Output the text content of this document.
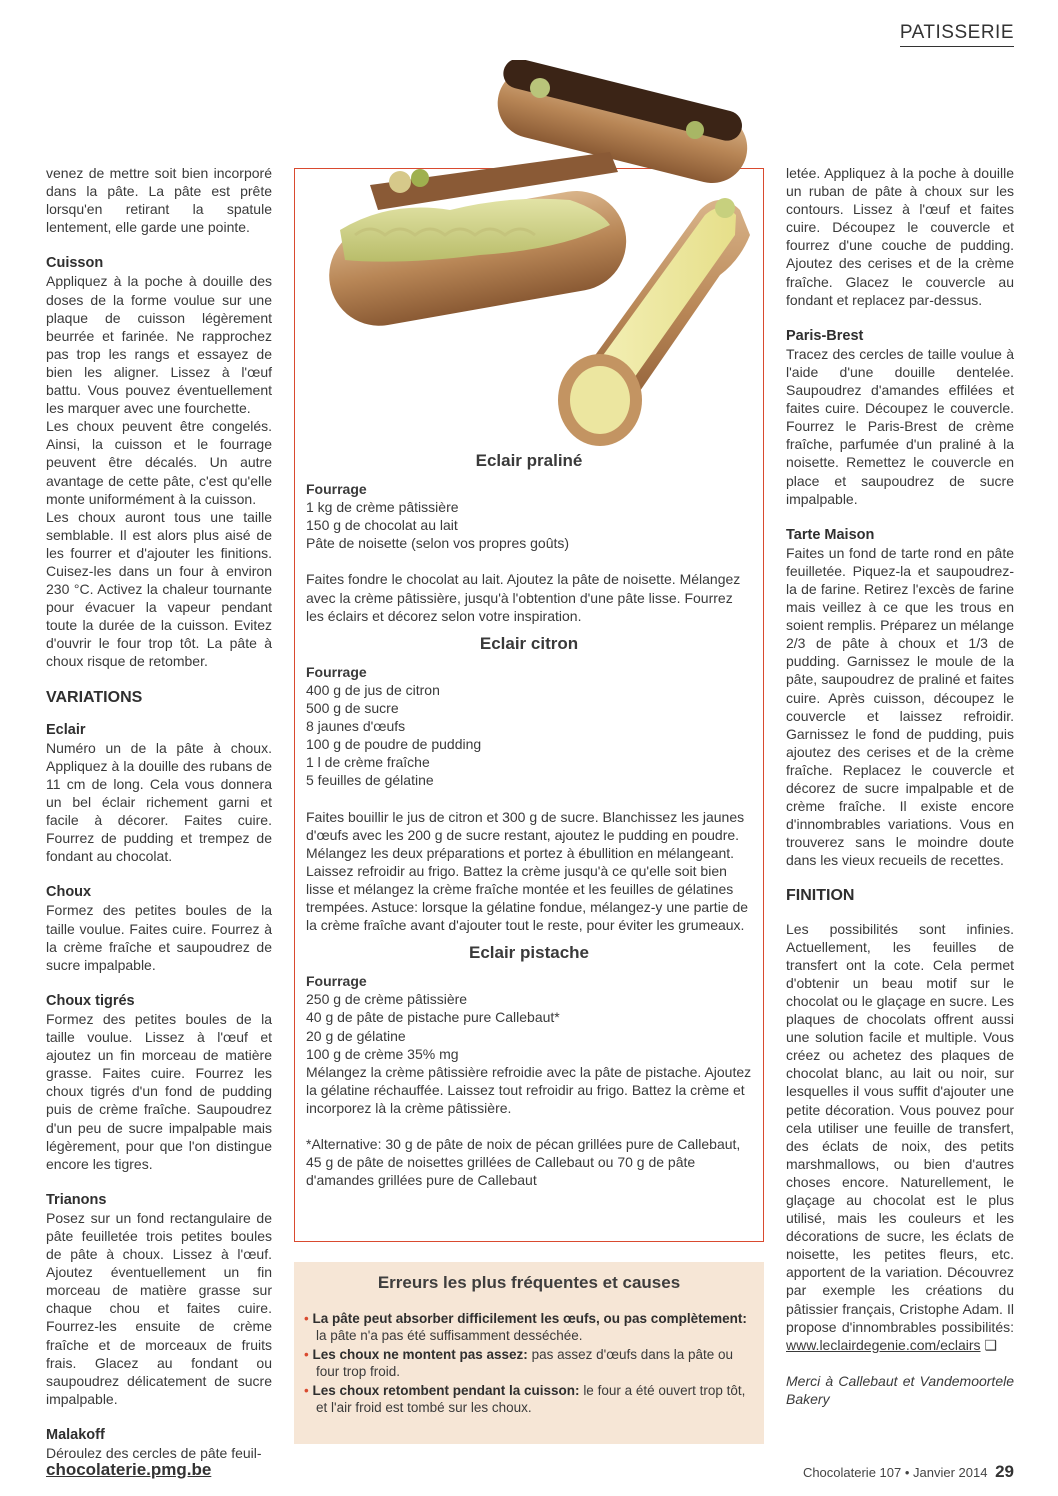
PATISSERIE

venez de mettre soit bien incorporé dans la pâte. La pâte est prête lorsqu'en retirant la spatule lentement, elle garde une pointe.

Cuisson
Appliquez à la poche à douille des doses de la forme voulue sur une plaque de cuisson légèrement beurrée et farinée. Ne rapprochez pas trop les rangs et essayez de bien les aligner. Lissez à l'œuf battu. Vous pouvez éventuellement les marquer avec une fourchette.
Les choux peuvent être congelés. Ainsi, la cuisson et le fourrage peuvent être décalés. Un autre avantage de cette pâte, c'est qu'elle monte uniformément à la cuisson.

Les choux auront tous une taille semblable. Il est alors plus aisé de les fourrer et d'ajouter les finitions. Cuisez-les dans un four à environ 230 °C. Activez la chaleur tournante pour évacuer la vapeur pendant toute la durée de la cuisson. Evitez d'ouvrir le four trop tôt. La pâte à choux risque de retomber.

VARIATIONS
Eclair

Numéro un de la pâte à choux. Appliquez à la douille des rubans de 11 cm de long. Cela vous donnera un bel éclair richement garni et facile à décorer. Faites cuire. Fourrez de pudding et trempez de fondant au chocolat.

Choux

Formez des petites boules de la taille voulue. Faites cuire. Fourrez à la crème fraîche et saupoudrez de sucre impalpable.

Choux tigrés

Formez des petites boules de la taille voulue. Lissez à l'œuf et ajoutez un fin morceau de matière grasse. Faites cuire. Fourrez les choux tigrés d'un fond de pudding puis de crème fraîche. Saupoudrez d'un peu de sucre impalpable mais légèrement, pour que l'on distingue encore les tigres.

Trianons

Posez sur un fond rectangulaire de pâte feuilletée trois petites boules de pâte à choux. Lissez à l'œuf. Ajoutez éventuellement un fin morceau de matière grasse sur chaque chou et faites cuire. Fourrez-les ensuite de crème fraîche et de morceaux de fruits frais. Glacez au fondant ou saupoudrez délicatement de sucre impalpable.

Malakoff
Déroulez des cercles de pâte feuil-
Eclair praliné
Fourrage
1 kg de crème pâtissière
150 g de chocolat au lait
Pâte de noisette (selon vos propres goûts)
Faites fondre le chocolat au lait. Ajoutez la pâte de noisette. Mélangez avec la crème pâtissière, jusqu'à l'obtention d'une pâte lisse. Fourrez les éclairs et décorez selon votre inspiration.
Eclair citron
Fourrage
400 g de jus de citron
500 g de sucre
8 jaunes d'œufs
100 g de poudre de pudding
1 l de crème fraîche
5 feuilles de gélatine
Faites bouillir le jus de citron et 300 g de sucre. Blanchissez les jaunes d'œufs avec les 200 g de sucre restant, ajoutez le pudding en poudre. Mélangez les deux préparations et portez à ébullition en mélangeant. Laissez refroidir au frigo. Battez la crème jusqu'à ce qu'elle soit bien lisse et mélangez la crème fraîche montée et les feuilles de gélatines trempées. Astuce: lorsque la gélatine fondue, mélangez-y une partie de la crème fraîche avant d'ajouter tout le reste, pour éviter les grumeaux.
Eclair pistache
Fourrage
250 g de crème pâtissière
40 g de pâte de pistache pure Callebaut*
20 g de gélatine
100 g de crème 35% mg
Mélangez la crème pâtissière refroidie avec la pâte de pistache. Ajoutez la gélatine réchauffée. Laissez tout refroidir au frigo. Battez la crème et incorporez là la crème pâtissière.
*Alternative: 30 g de pâte de noix de pécan grillées pure de Callebaut, 45 g de pâte de noisettes grillées de Callebaut ou 70 g de pâte d'amandes grillées pure de Callebaut
Erreurs les plus fréquentes et causes
• La pâte peut absorber difficilement les œufs, ou pas complètement: la pâte n'a pas été suffisamment desséchée.
• Les choux ne montent pas assez: pas assez d'œufs dans la pâte ou four trop froid.
• Les choux retombent pendant la cuisson: le four a été ouvert trop tôt, et l'air froid est tombé sur les choux.

letée. Appliquez à la poche à douille un ruban de pâte à choux sur les contours. Lissez à l'œuf et faites cuire. Découpez le couvercle et fourrez d'une couche de pudding. Ajoutez des cerises et de la crème fraîche. Glacez le couvercle au fondant et replacez par-dessus.

Paris-Brest

Tracez des cercles de taille voulue à l'aide d'une douille dentelée. Saupoudrez d'amandes effilées et faites cuire. Découpez le couvercle. Fourrez le Paris-Brest de crème fraîche, parfumée d'un praliné à la noisette. Remettez le couvercle en place et saupoudrez de sucre impalpable.

Tarte Maison

Faites un fond de tarte rond en pâte feuilletée. Piquez-la et saupoudrez-la de farine. Retirez l'excès de farine mais veillez à ce que les trous en soient remplis. Préparez un mélange 2/3 de pâte à choux et 1/3 de pudding. Garnissez le moule de la pâte, saupoudrez de praliné et faites cuire. Après cuisson, découpez le couvercle et laissez refroidir. Garnissez le fond de pudding, puis ajoutez des cerises et de la crème fraîche. Replacez le couvercle et décorez de sucre impalpable et de crème fraîche. Il existe encore d'innombrables variations. Vous en trouverez sans le moindre doute dans les vieux recueils de recettes.

FINITION

Les possibilités sont infinies. Actuellement, les feuilles de transfert ont la cote. Cela permet d'obtenir un beau motif sur le chocolat ou le glaçage en sucre. Les plaques de chocolats offrent aussi une solution facile et multiple. Vous créez ou achetez des plaques de chocolat blanc, au lait ou noir, sur lesquelles il vous suffit d'ajouter une petite décoration. Vous pouvez pour cela utiliser une feuille de transfert, des éclats de noix, des petits marshmallows, ou bien d'autres choses encore. Naturellement, le glaçage au chocolat est le plus utilisé, mais les couleurs et les décorations de sucre, les éclats de noisette, les petites fleurs, etc. apportent de la variation. Découvrez par exemple les créations du pâtissier français, Cristophe Adam. Il propose d'innombrables possibilités: www.leclairdegenie.com/eclairs ❑

Merci à Callebaut et Vandemoortele Bakery

chocolaterie.pmg.be	Chocolaterie 107 • Janvier 2014 29
